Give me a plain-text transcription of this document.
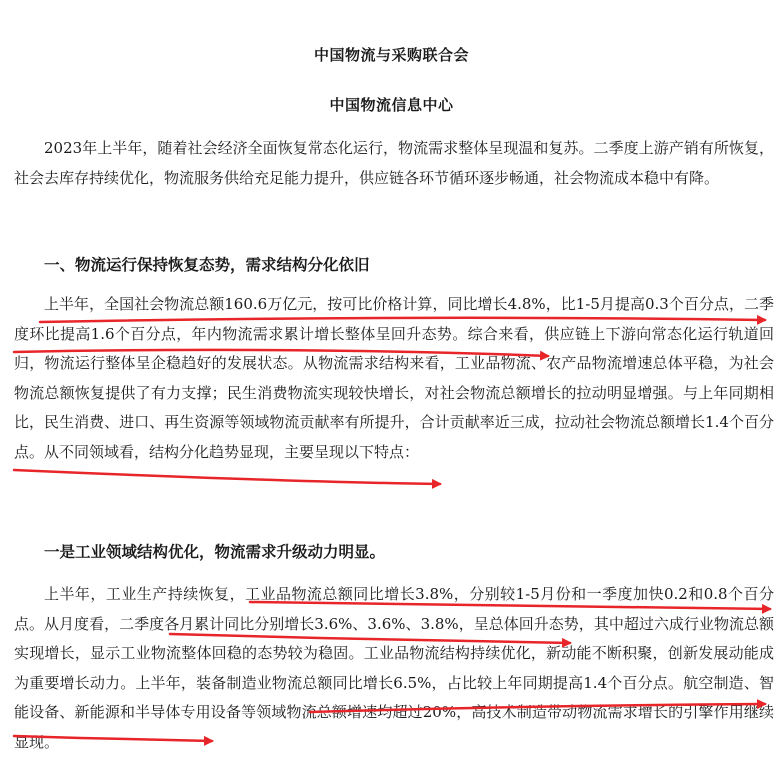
中国物流与采购联合会
中国物流信息中心

2023年上半年，随着社会经济全面恢复常态化运行，物流需求整体呈现温和复苏。二季度上游产销有所恢复，社会去库存持续优化，物流服务供给充足能力提升，供应链各环节循环逐步畅通，社会物流成本稳中有降。

一、物流运行保持恢复态势，需求结构分化依旧

上半年，全国社会物流总额160.6万亿元，按可比价格计算，同比增长4.8%，比1-5月提高0.3个百分点，二季度环比提高1.6个百分点，年内物流需求累计增长整体呈回升态势。综合来看，供应链上下游向常态化运行轨道回归，物流运行整体呈企稳趋好的发展状态。从物流需求结构来看，工业品物流、农产品物流增速总体平稳，为社会物流总额恢复提供了有力支撑；民生消费物流实现较快增长，对社会物流总额增长的拉动明显增强。与上年同期相比，民生消费、进口、再生资源等领域物流贡献率有所提升，合计贡献率近三成，拉动社会物流总额增长1.4个百分点。从不同领域看，结构分化趋势显现，主要呈现以下特点：

一是工业领域结构优化，物流需求升级动力明显。

上半年，工业生产持续恢复，工业品物流总额同比增长3.8%，分别较1-5月份和一季度加快0.2和0.8个百分点。从月度看，二季度各月累计同比分别增长3.6%、3.6%、3.8%，呈总体回升态势，其中超过六成行业物流总额实现增长，显示工业物流整体回稳的态势较为稳固。工业品物流结构持续优化，新动能不断积聚，创新发展动能成为重要增长动力。上半年，装备制造业物流总额同比增长6.5%，占比较上年同期提高1.4个百分点。航空制造、智能设备、新能源和半导体专用设备等领域物流总额增速均超过20%，高技术制造带动物流需求增长的引擎作用继续显现。
